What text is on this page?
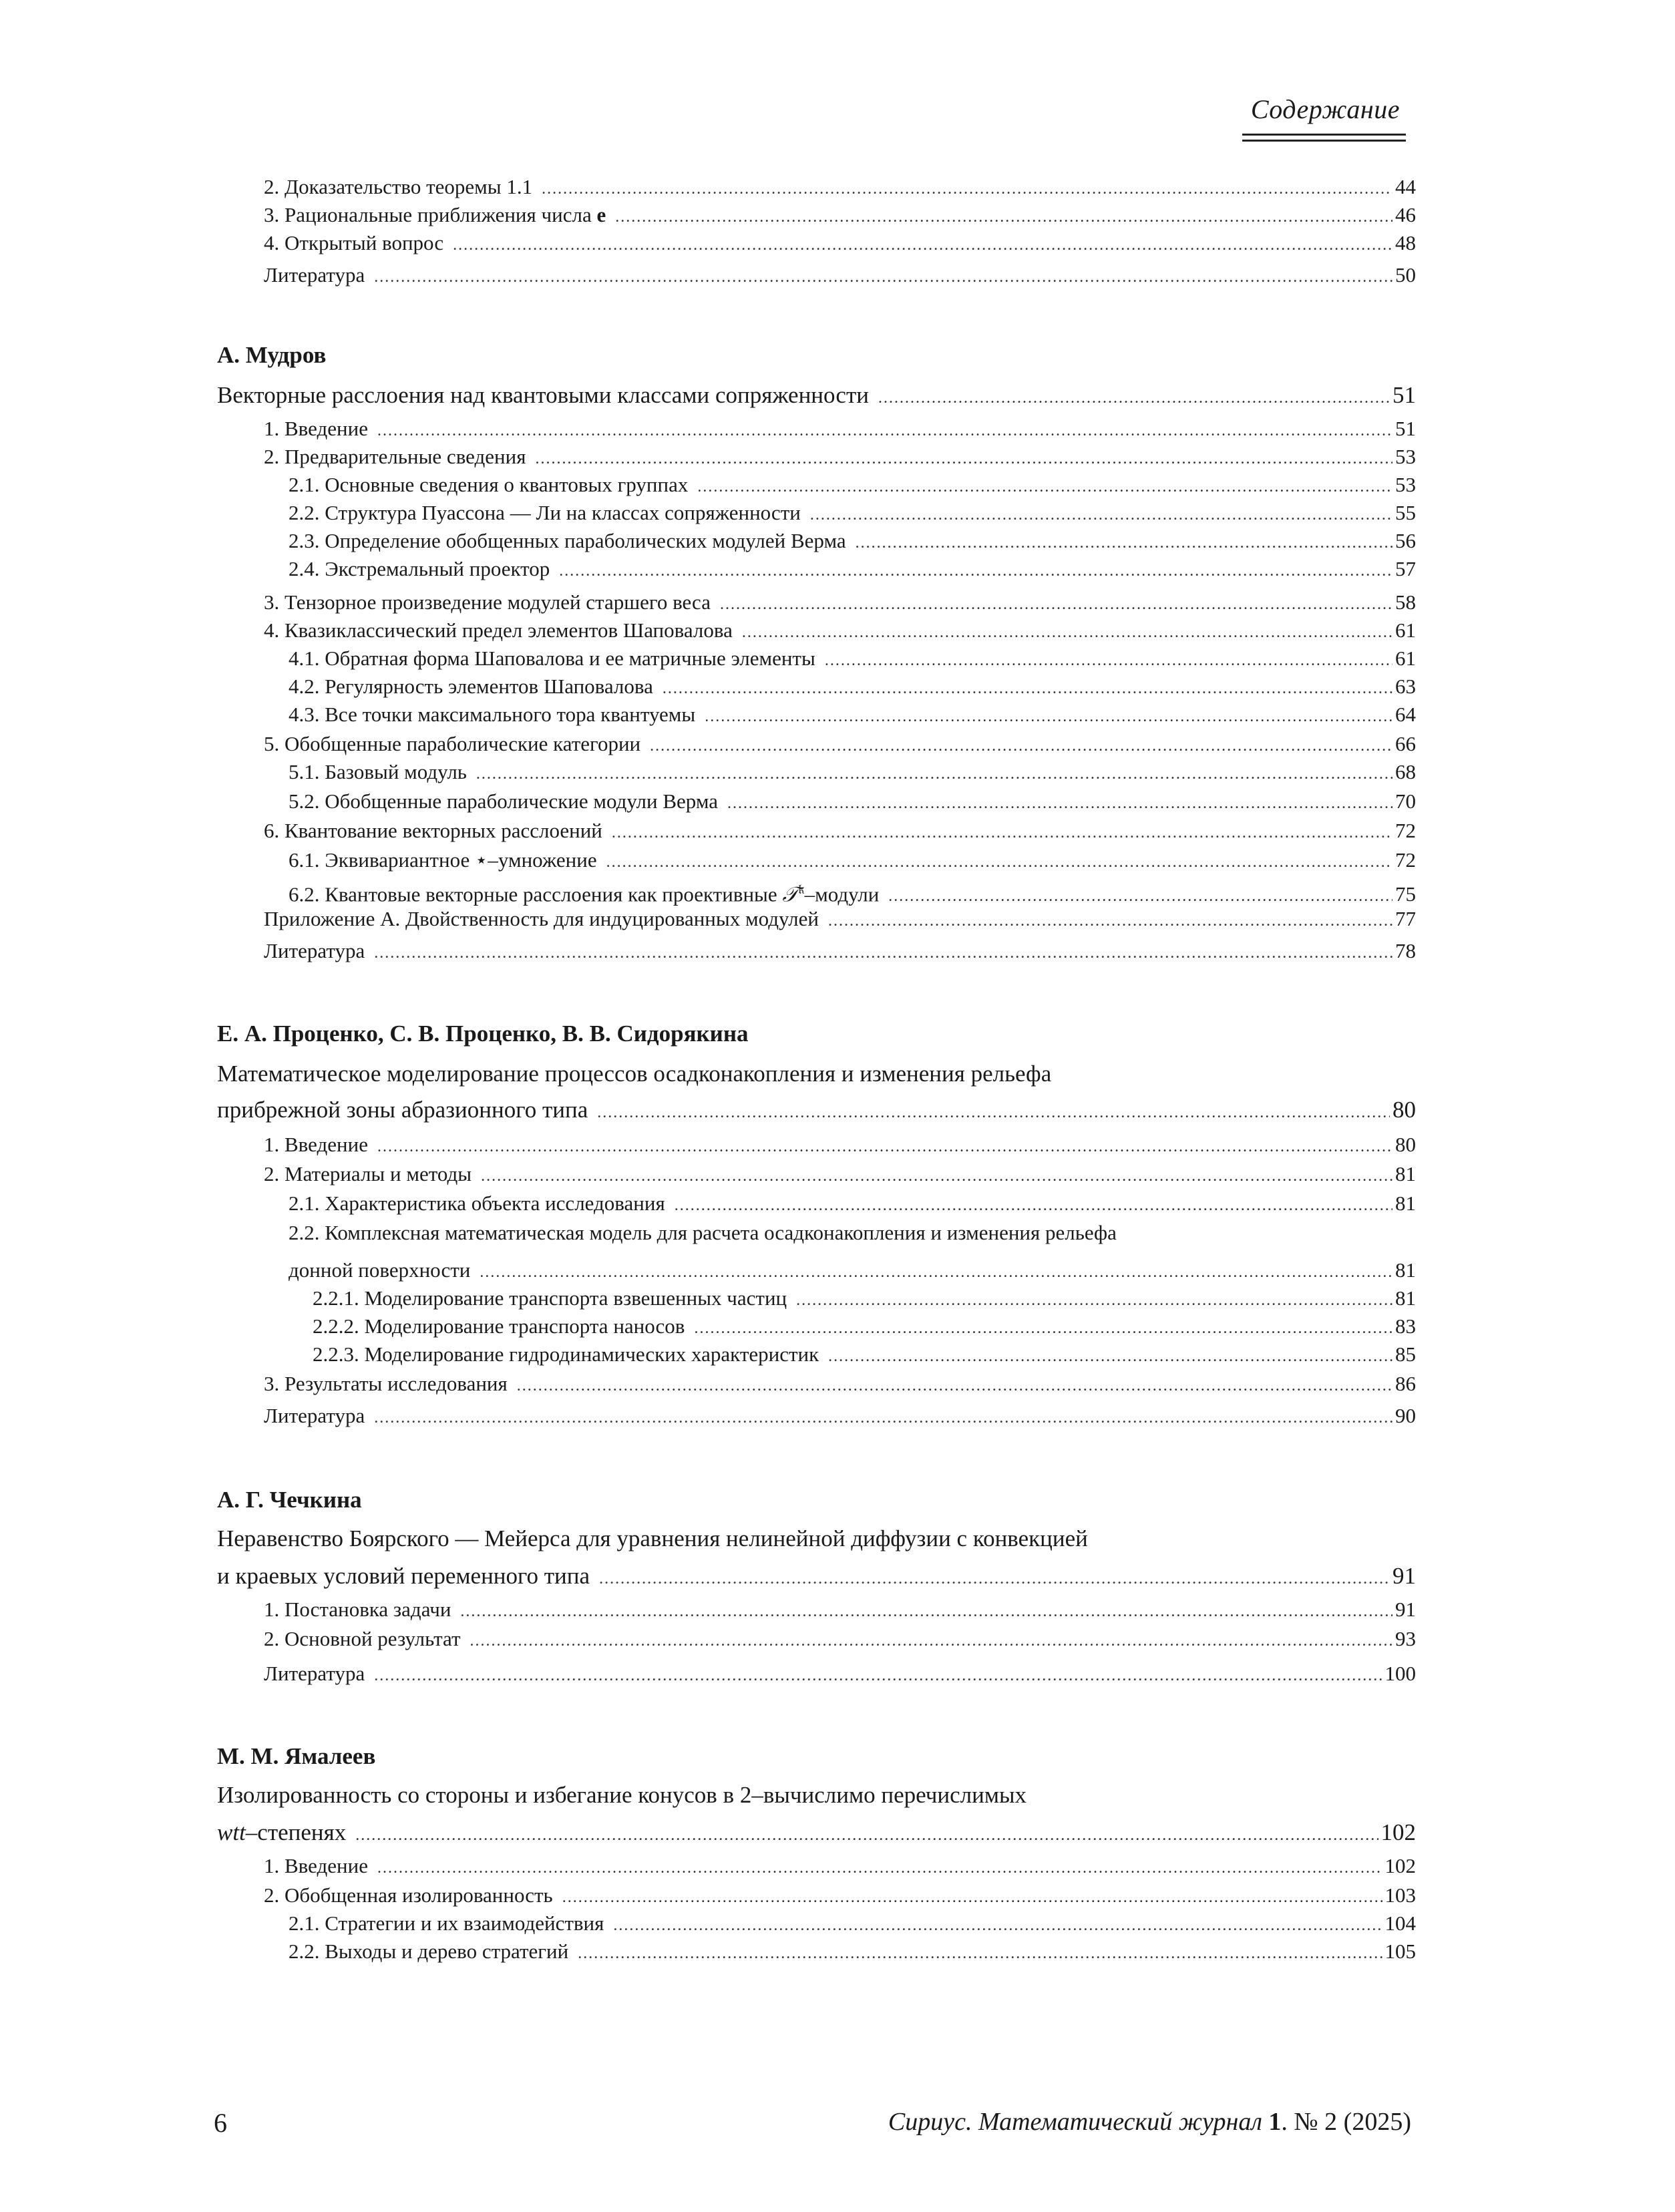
Содержание
2. Доказательство теоремы 1.1 . . .	44
3. Рациональные приближения числа e . . .	46
4. Открытый вопрос . . .	48
Литература . . .	50
А. Мудров
Векторные расслоения над квантовыми классами сопряженности . . .	51
1. Введение . . .	51
2. Предварительные сведения . . .	53
2.1. Основные сведения о квантовых группах . . .	53
2.2. Структура Пуассона — Ли на классах сопряженности . . .	55
2.3. Определение обобщенных параболических модулей Верма . . .	56
2.4. Экстремальный проектор . . .	57
3. Тензорное произведение модулей старшего веса . . .	58
4. Квазиклассический предел элементов Шаповалова . . .	61
4.1. Обратная форма Шаповалова и ее матричные элементы . . .	61
4.2. Регулярность элементов Шаповалова . . .	63
4.3. Все точки максимального тора квантуемы . . .	64
5. Обобщенные параболические категории . . .	66
5.1. Базовый модуль . . .	68
5.2. Обобщенные параболические модули Верма . . .	70
6. Квантование векторных расслоений . . .	72
6.1. Эквивариантное ⋆–умножение . . .	72
6.2. Квантовые векторные расслоения как проективные 𝒯$^𝔨$–модули . . .	75
Приложение A. Двойственность для индуцированных модулей . . .	77
Литература . . .	78
Е. А. Проценко, С. В. Проценко, В. В. Сидорякина
Математическое моделирование процессов осадконакопления и изменения рельефа
прибрежной зоны абразионного типа . . .	80
1. Введение . . .	80
2. Материалы и методы . . .	81
2.1. Характеристика объекта исследования . . .	81
2.2. Комплексная математическая модель для расчета осадконакопления и изменения рельефа
донной поверхности . . .	81
2.2.1. Моделирование транспорта взвешенных частиц . . .	81
2.2.2. Моделирование транспорта наносов . . .	83
2.2.3. Моделирование гидродинамических характеристик . . .	85
3. Результаты исследования . . .	86
Литература . . .	90
А. Г. Чечкина
Неравенство Боярского — Мейерса для уравнения нелинейной диффузии с конвекцией
и краевых условий переменного типа . . .	91
1. Постановка задачи . . .	91
2. Основной результат . . .	93
Литература . . .	100
М. М. Ямалеев
Изолированность со стороны и избегание конусов в 2–вычислимо перечислимых
wtt–степенях . . .	102
1. Введение . . .	102
2. Обобщенная изолированность . . .	103
2.1. Стратегии и их взаимодействия . . .	104
2.2. Выходы и дерево стратегий . . .	105
6	Сириус. Математический журнал 1. № 2 (2025)
